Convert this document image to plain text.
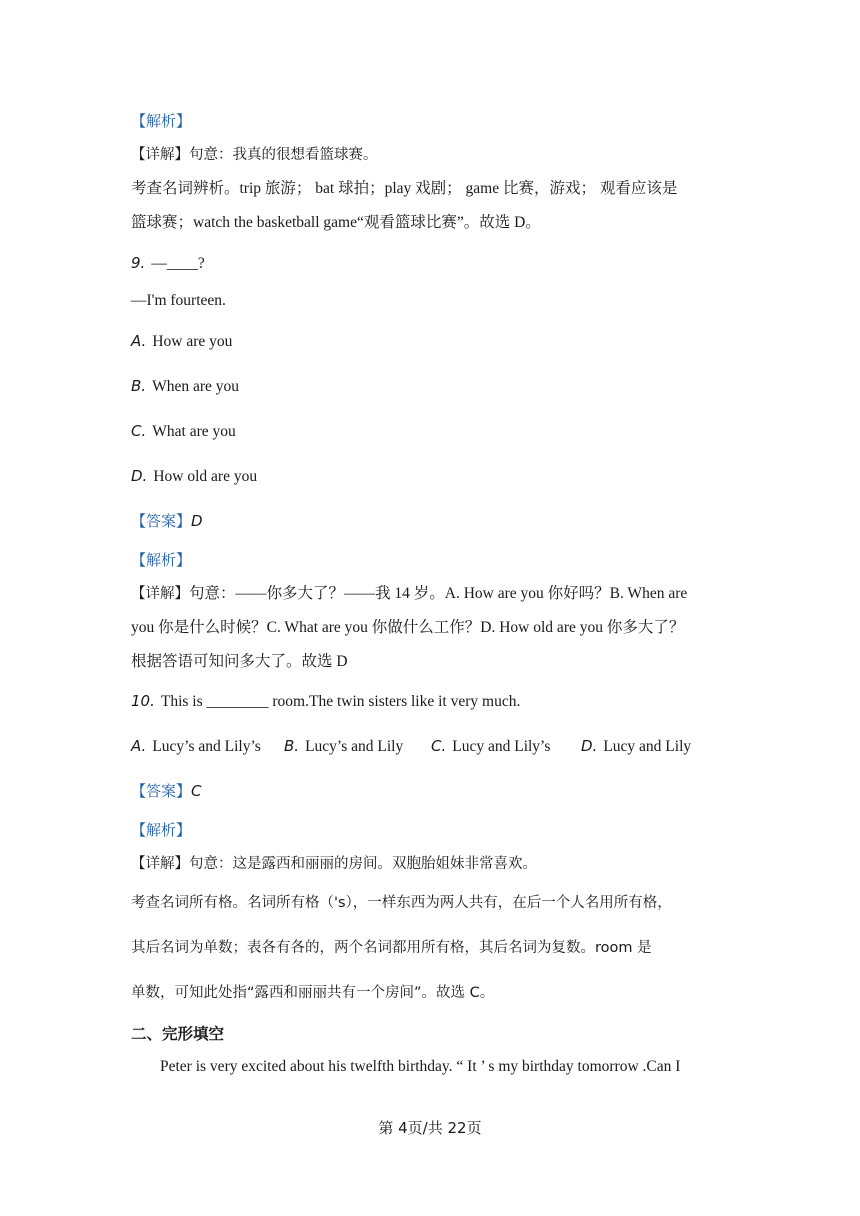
【解析】
【详解】句意：我真的很想看篮球赛。
考查名词辨析。trip 旅游； bat 球拍；play 戏剧； game 比赛，游戏； 观看应该是
篮球赛；watch the basketball game“观看篮球比赛”。故选 D。
9. —____?
—I'm fourteen.
A. How are you
B. When are you
C. What are you
D. How old are you
【答案】D
【解析】
【详解】句意：——你多大了？——我 14 岁。A. How are you 你好吗？B. When are
you 你是什么时候？C. What are you 你做什么工作？D. How old are you 你多大了？
根据答语可知问多大了。故选 D
10. This is ________ room.The twin sisters like it very much.
A. Lucy’s and Lily’s B. Lucy’s and Lily C. Lucy and Lily’s D. Lucy and Lily
【答案】C
【解析】
【详解】句意：这是露西和丽丽的房间。双胞胎姐妹非常喜欢。
考查名词所有格。名词所有格（'s），一样东西为两人共有，在后一个人名用所有格，
其后名词为单数；表各有各的，两个名词都用所有格，其后名词为复数。room 是
单数，可知此处指“露西和丽丽共有一个房间”。故选 C。
二、完形填空
Peter is very excited about his twelfth birthday. “ It ’ s my birthday tomorrow .Can I
第 4页/共 22页
